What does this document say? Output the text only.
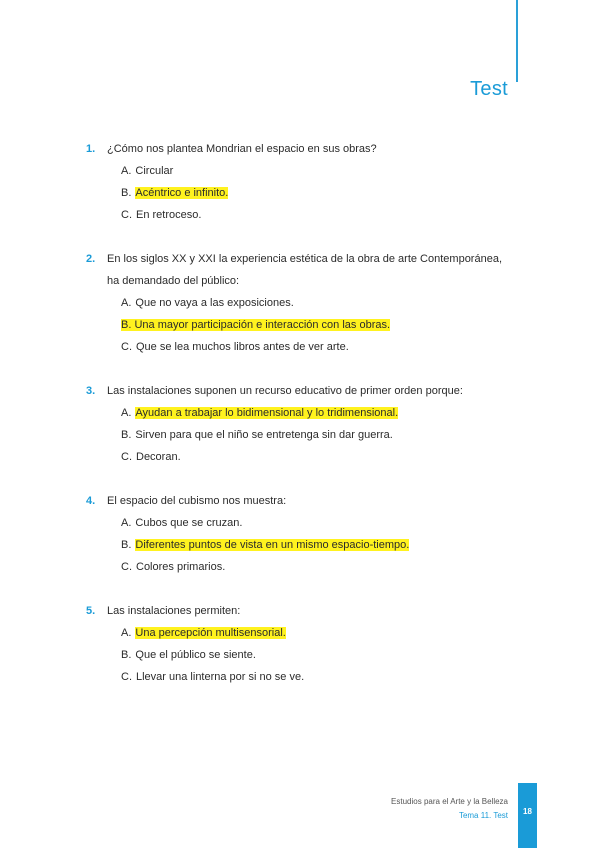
Test
1. ¿Cómo nos plantea Mondrian el espacio en sus obras?
A. Circular
B. Acéntrico e infinito.
C. En retroceso.
2. En los siglos XX y XXI la experiencia estética de la obra de arte Contemporánea, ha demandado del público:
A. Que no vaya a las exposiciones.
B. Una mayor participación e interacción con las obras.
C. Que se lea muchos libros antes de ver arte.
3. Las instalaciones suponen un recurso educativo de primer orden porque:
A. Ayudan a trabajar lo bidimensional y lo tridimensional.
B. Sirven para que el niño se entretenga sin dar guerra.
C. Decoran.
4. El espacio del cubismo nos muestra:
A. Cubos que se cruzan.
B. Diferentes puntos de vista en un mismo espacio-tiempo.
C. Colores primarios.
5. Las instalaciones permiten:
A. Una percepción multisensorial.
B. Que el público se siente.
C. Llevar una linterna por si no se ve.
Estudios para el Arte y la Belleza
Tema 11. Test	18
